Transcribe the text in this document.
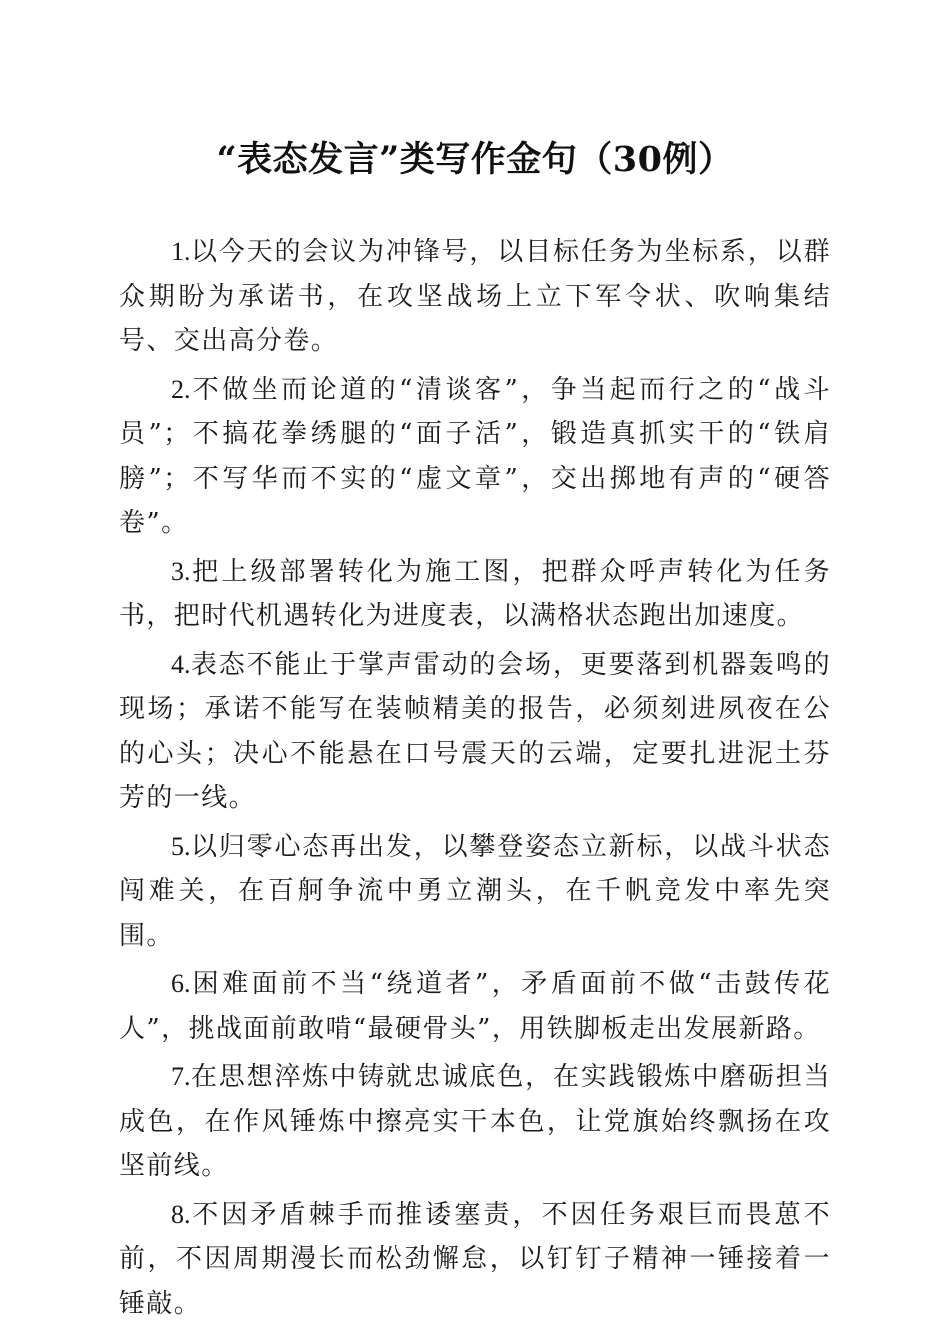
“表态发言”类写作金句（30例）

1.以今天的会议为冲锋号，以目标任务为坐标系，以群众期盼为承诺书，在攻坚战场上立下军令状、吹响集结号、交出高分卷。

2.不做坐而论道的“清谈客”，争当起而行之的“战斗员”；不搞花拳绣腿的“面子活”，锻造真抓实干的“铁肩膀”；不写华而不实的“虚文章”，交出掷地有声的“硬答卷”。

3.把上级部署转化为施工图，把群众呼声转化为任务书，把时代机遇转化为进度表，以满格状态跑出加速度。

4.表态不能止于掌声雷动的会场，更要落到机器轰鸣的现场；承诺不能写在装帧精美的报告，必须刻进夙夜在公的心头；决心不能悬在口号震天的云端，定要扎进泥土芬芳的一线。

5.以归零心态再出发，以攀登姿态立新标，以战斗状态闯难关，在百舸争流中勇立潮头，在千帆竞发中率先突围。

6.困难面前不当“绕道者”，矛盾面前不做“击鼓传花人”，挑战面前敢啃“最硬骨头”，用铁脚板走出发展新路。

7.在思想淬炼中铸就忠诚底色，在实践锻炼中磨砺担当成色，在作风锤炼中擦亮实干本色，让党旗始终飘扬在攻坚前线。

8.不因矛盾棘手而推诿塞责，不因任务艰巨而畏葸不前，不因周期漫长而松劲懈怠，以钉钉子精神一锤接着一锤敲。
